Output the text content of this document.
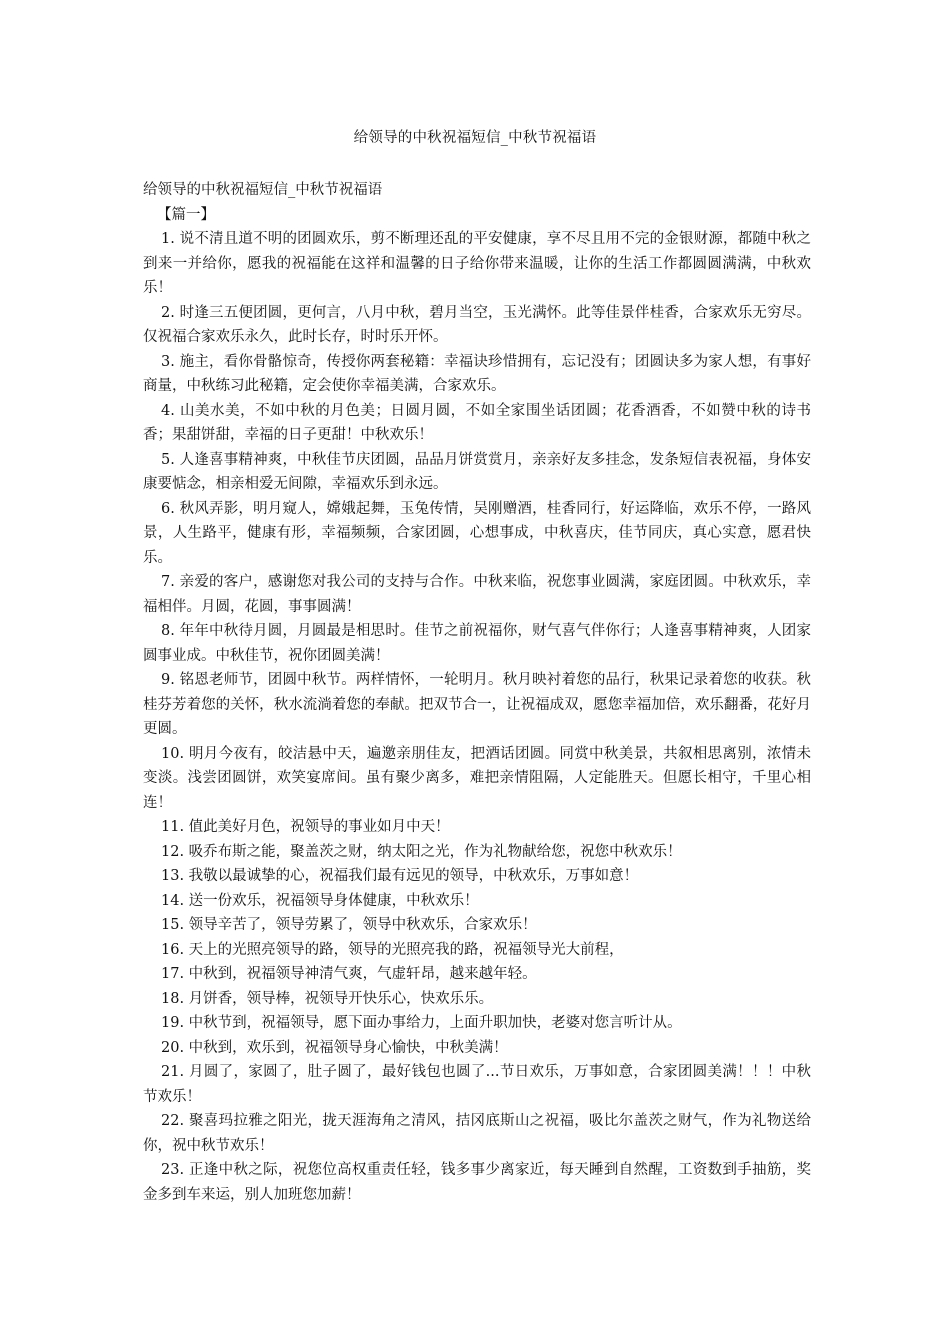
给领导的中秋祝福短信_中秋节祝福语

给领导的中秋祝福短信_中秋节祝福语

【篇一】

1. 说不清且道不明的团圆欢乐，剪不断理还乱的平安健康，享不尽且用不完的金银财源，都随中秋之到来一并给你，愿我的祝福能在这祥和温馨的日子给你带来温暖，让你的生活工作都圆圆满满，中秋欢乐！

2. 时逢三五便团圆，更何言，八月中秋，碧月当空，玉光满怀。此等佳景伴桂香，合家欢乐无穷尽。仅祝福合家欢乐永久，此时长存，时时乐开怀。

3. 施主，看你骨骼惊奇，传授你两套秘籍：幸福诀珍惜拥有，忘记没有；团圆诀多为家人想，有事好商量，中秋练习此秘籍，定会使你幸福美满，合家欢乐。

4. 山美水美，不如中秋的月色美；日圆月圆，不如全家围坐话团圆；花香酒香，不如赞中秋的诗书香；果甜饼甜，幸福的日子更甜！中秋欢乐！

5. 人逢喜事精神爽，中秋佳节庆团圆，品品月饼赏赏月，亲亲好友多挂念，发条短信表祝福，身体安康要惦念，相亲相爱无间隙，幸福欢乐到永远。

6. 秋风弄影，明月窥人，嫦娥起舞，玉兔传情，吴刚赠酒，桂香同行，好运降临，欢乐不停，一路风景，人生路平，健康有形，幸福频频，合家团圆，心想事成，中秋喜庆，佳节同庆，真心实意，愿君快乐。

7. 亲爱的客户，感谢您对我公司的支持与合作。中秋来临，祝您事业圆满，家庭团圆。中秋欢乐，幸福相伴。月圆，花圆，事事圆满！

8. 年年中秋待月圆，月圆最是相思时。佳节之前祝福你，财气喜气伴你行；人逢喜事精神爽，人团家圆事业成。中秋佳节，祝你团圆美满！

9. 铭恩老师节，团圆中秋节。两样情怀，一轮明月。秋月映衬着您的品行，秋果记录着您的收获。秋桂芬芳着您的关怀，秋水流淌着您的奉献。把双节合一，让祝福成双，愿您幸福加倍，欢乐翻番，花好月更圆。

10. 明月今夜有，皎洁悬中天，遍邀亲朋佳友，把酒话团圆。同赏中秋美景，共叙相思离别，浓情未变淡。浅尝团圆饼，欢笑宴席间。虽有聚少离多，难把亲情阻隔，人定能胜天。但愿长相守，千里心相连！

11. 值此美好月色，祝领导的事业如月中天！

12. 吸乔布斯之能，聚盖茨之财，纳太阳之光，作为礼物献给您，祝您中秋欢乐！

13. 我敬以最诚挚的心，祝福我们最有远见的领导，中秋欢乐，万事如意！

14. 送一份欢乐，祝福领导身体健康，中秋欢乐！

15. 领导辛苦了，领导劳累了，领导中秋欢乐，合家欢乐！

16. 天上的光照亮领导的路，领导的光照亮我的路，祝福领导光大前程，

17. 中秋到，祝福领导神清气爽，气虚轩昂，越来越年轻。

18. 月饼香，领导棒，祝领导开快乐心，快欢乐乐。

19. 中秋节到，祝福领导，愿下面办事给力，上面升职加快，老婆对您言听计从。

20. 中秋到，欢乐到，祝福领导身心愉快，中秋美满！

21. 月圆了，家圆了，肚子圆了，最好钱包也圆了...节日欢乐，万事如意，合家团圆美满！！！中秋节欢乐！

22. 聚喜玛拉雅之阳光，拢天涯海角之清风，拮冈底斯山之祝福，吸比尔盖茨之财气，作为礼物送给你，祝中秋节欢乐！

23. 正逢中秋之际，祝您位高权重责任轻，钱多事少离家近，每天睡到自然醒，工资数到手抽筋，奖金多到车来运，别人加班您加薪！
